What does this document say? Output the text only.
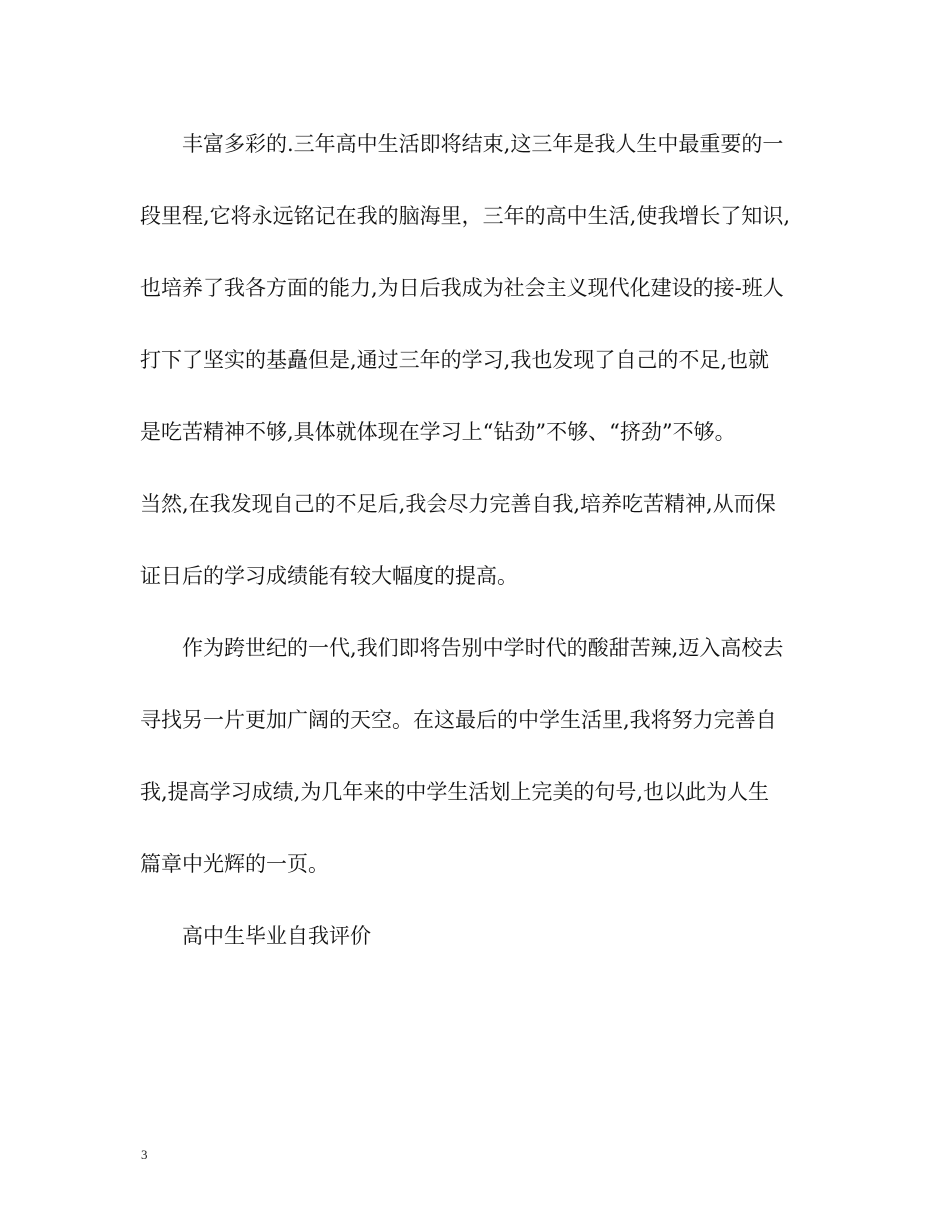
丰富多彩的.三年高中生活即将结束,这三年是我人生中最重要的一
段里程,它将永远铭记在我的脑海里，三年的高中生活,使我增长了知识,
也培养了我各方面的能力,为日后我成为社会主义现代化建设的接-班人
打下了坚实的基矗但是,通过三年的学习,我也发现了自己的不足,也就
是吃苦精神不够,具体就体现在学习上“钻劲”不够、“挤劲”不够。
当然,在我发现自己的不足后,我会尽力完善自我,培养吃苦精神,从而保
证日后的学习成绩能有较大幅度的提高。
作为跨世纪的一代,我们即将告别中学时代的酸甜苦辣,迈入高校去
寻找另一片更加广阔的天空。在这最后的中学生活里,我将努力完善自
我,提高学习成绩,为几年来的中学生活划上完美的句号,也以此为人生
篇章中光辉的一页。
高中生毕业自我评价
3
